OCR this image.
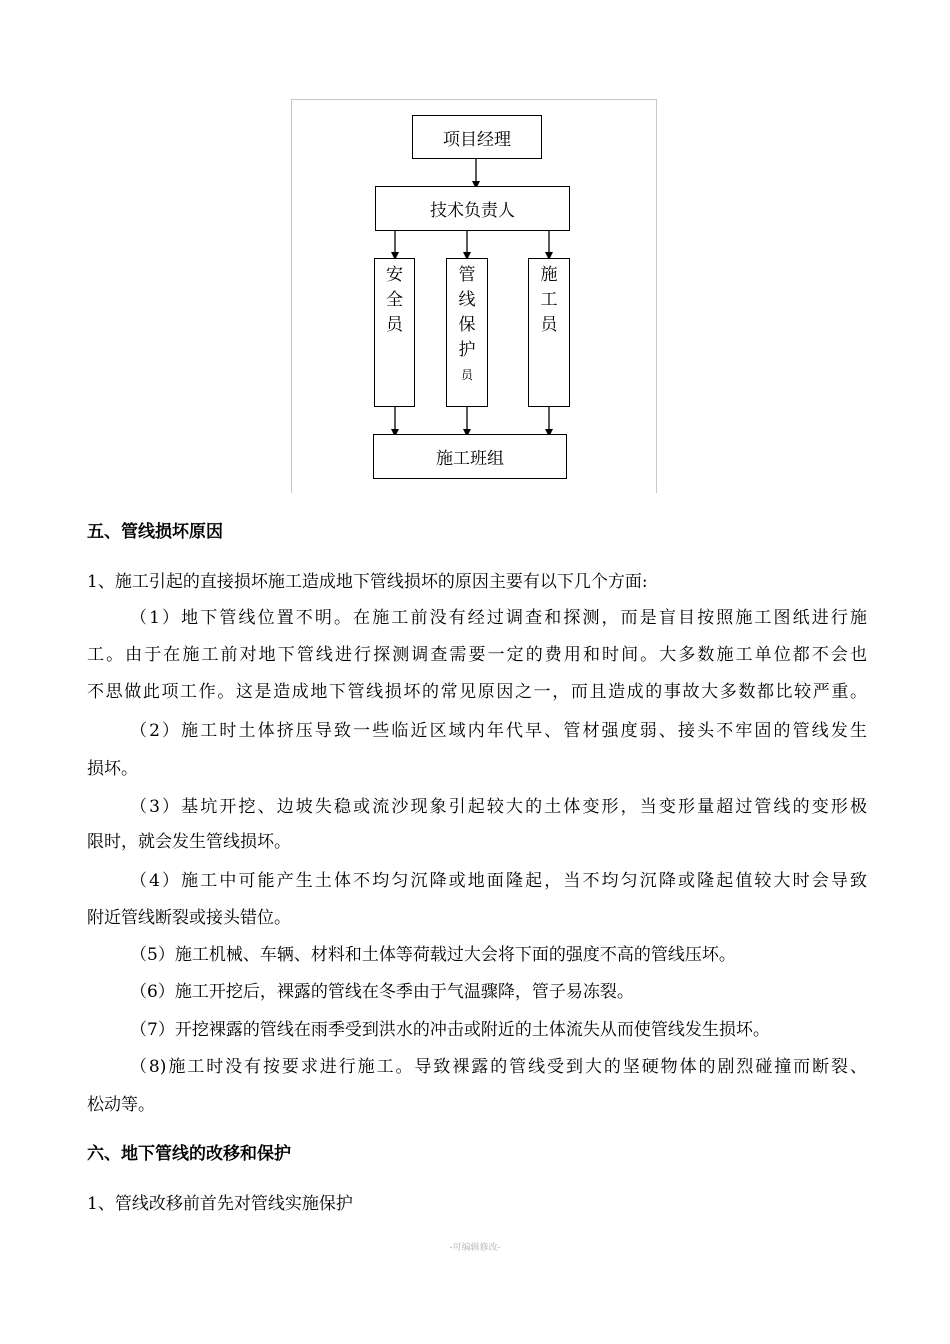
项目经理
技术负责人
安
全
员
管
线
保
护
员
施
工
员
施工班组
五、管线损坏原因
1、施工引起的直接损坏施工造成地下管线损坏的原因主要有以下几个方面:
（1）地下管线位置不明。在施工前没有经过调查和探测，而是盲目按照施工图纸进行施
工。由于在施工前对地下管线进行探测调查需要一定的费用和时间。大多数施工单位都不会也
不思做此项工作。这是造成地下管线损坏的常见原因之一，而且造成的事故大多数都比较严重。
（2）施工时土体挤压导致一些临近区域内年代早、管材强度弱、接头不牢固的管线发生
损坏。
（3）基坑开挖、边坡失稳或流沙现象引起较大的土体变形，当变形量超过管线的变形极
限时，就会发生管线损坏。
（4）施工中可能产生土体不均匀沉降或地面隆起，当不均匀沉降或隆起值较大时会导致
附近管线断裂或接头错位。
（5）施工机械、车辆、材料和土体等荷载过大会将下面的强度不高的管线压坏。
（6）施工开挖后，裸露的管线在冬季由于气温骤降，管子易冻裂。
（7）开挖裸露的管线在雨季受到洪水的冲击或附近的土体流失从而使管线发生损坏。
（8)施工时没有按要求进行施工。导致裸露的管线受到大的坚硬物体的剧烈碰撞而断裂、
松动等。
六、地下管线的改移和保护
1、管线改移前首先对管线实施保护
-可编辑修改-
